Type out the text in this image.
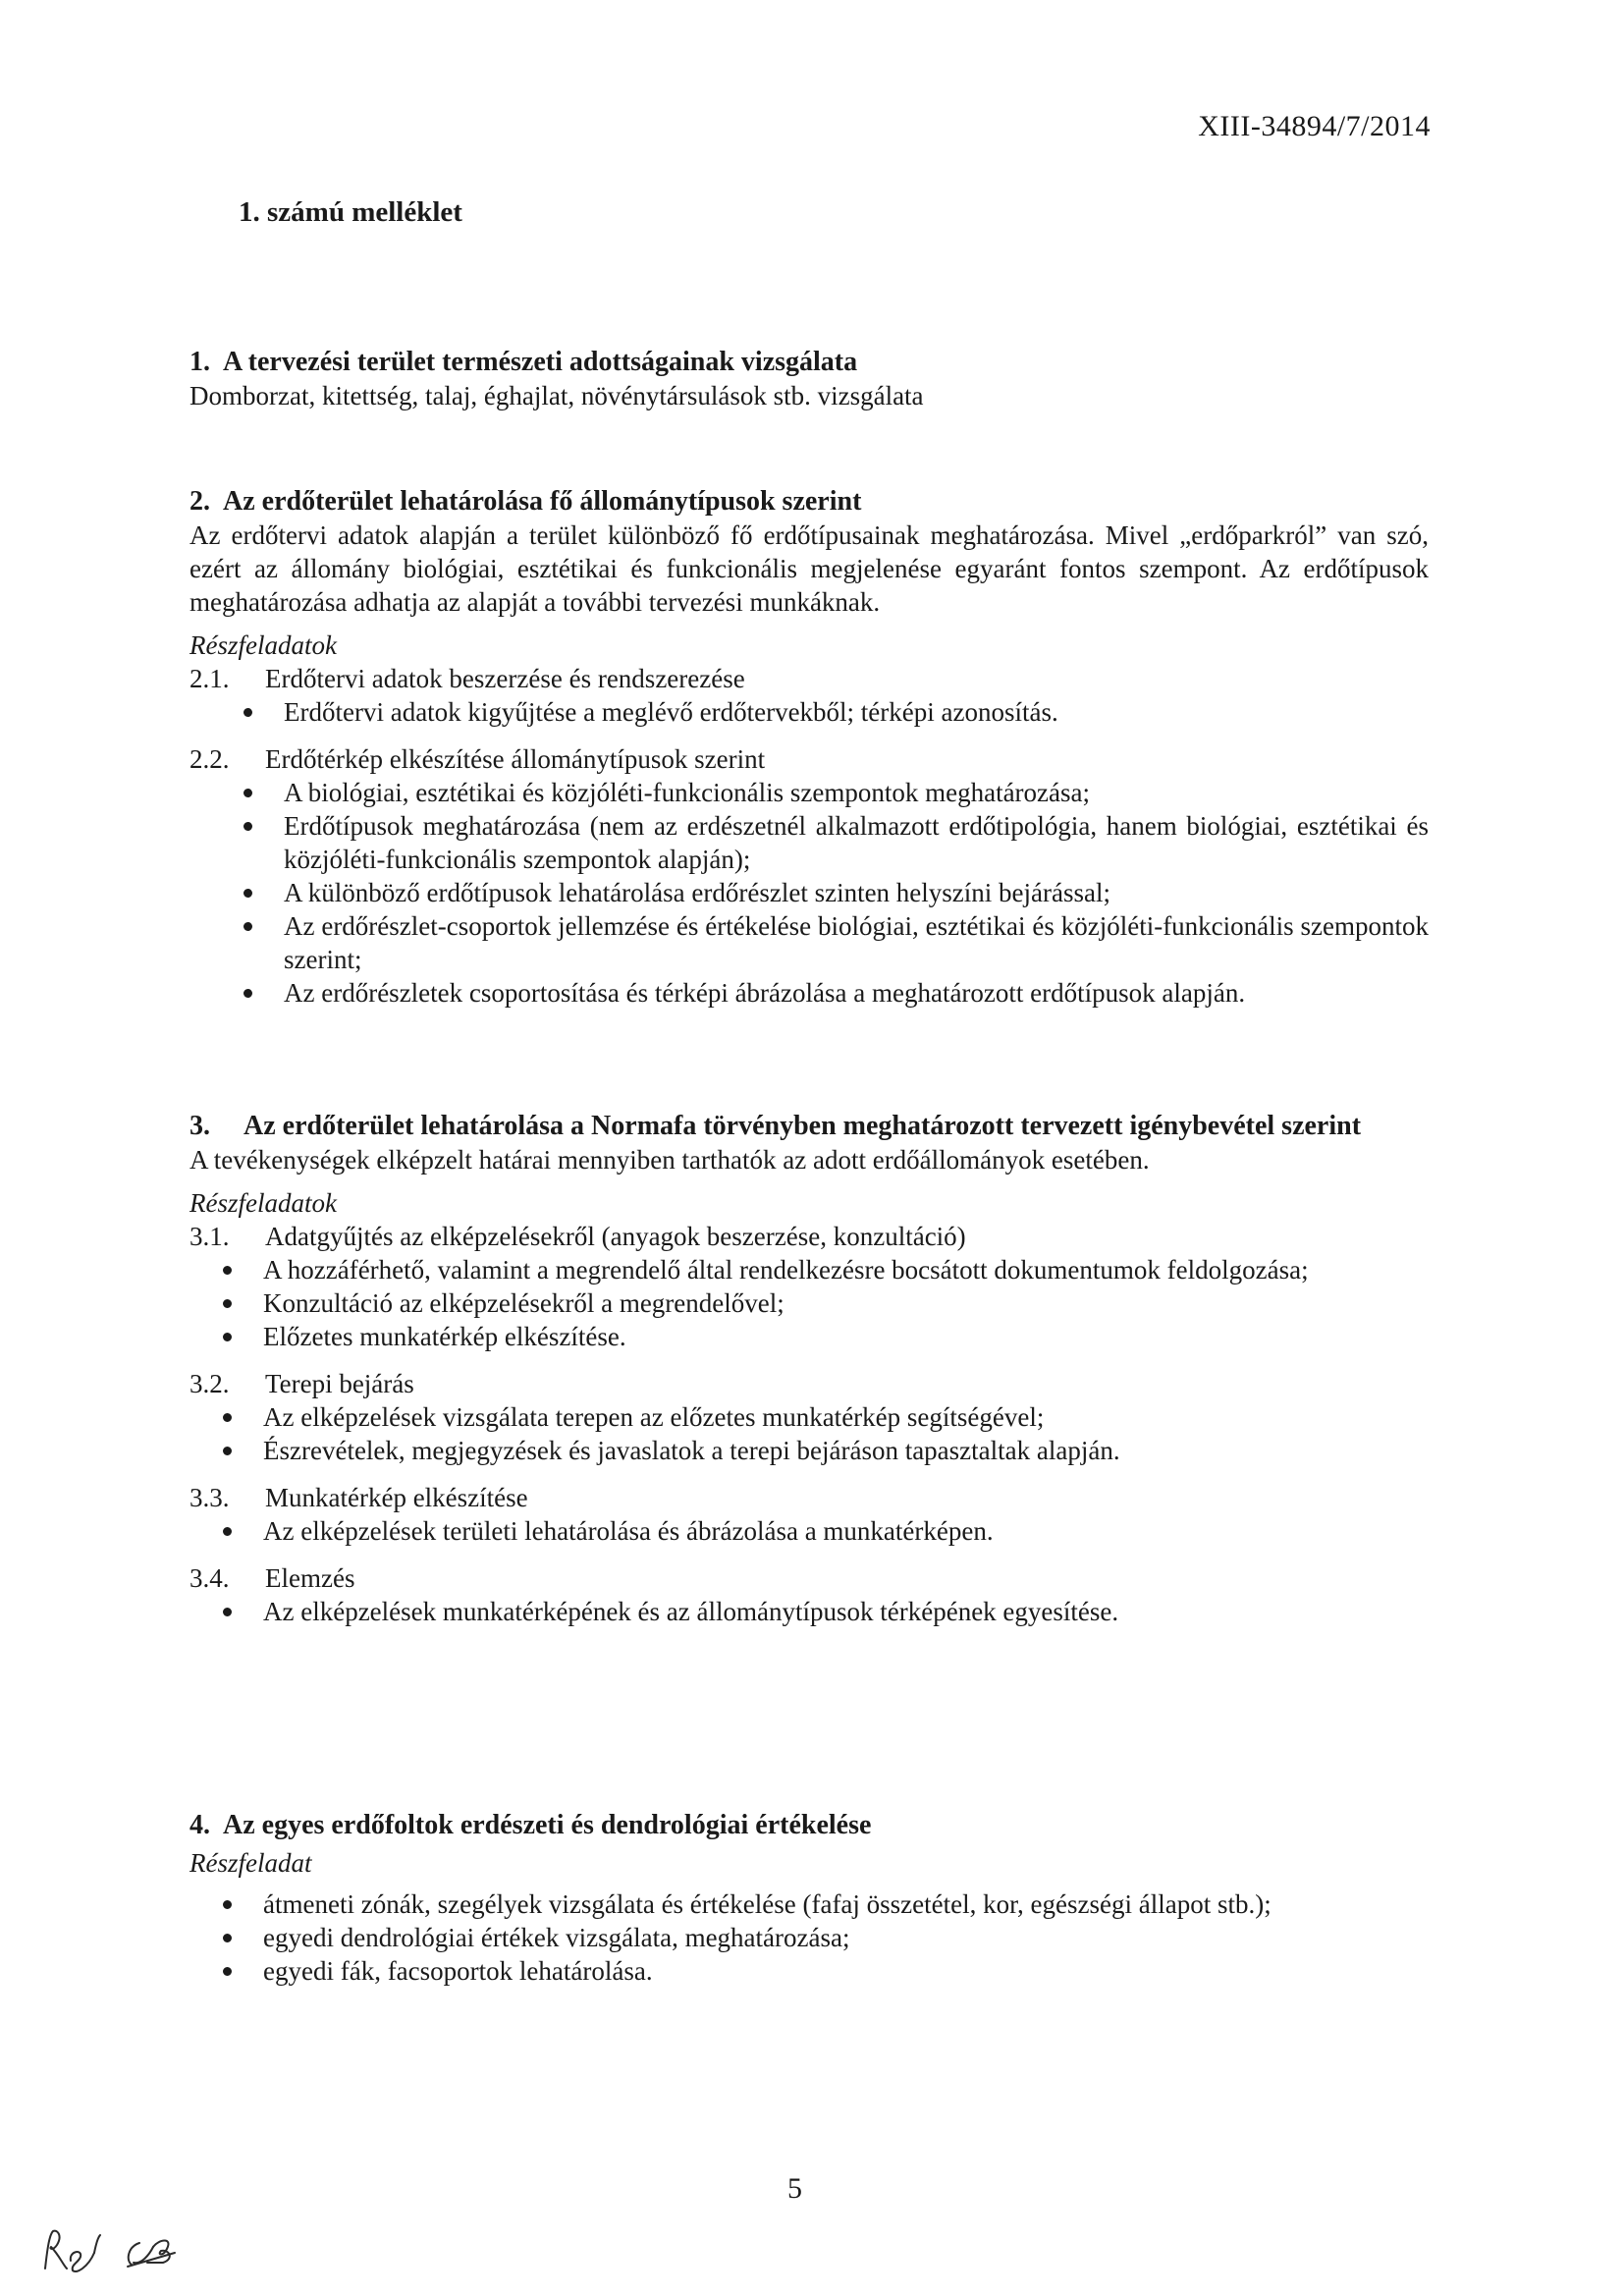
XIII-34894/7/2014
1. számú melléklet
1. A tervezési terület természeti adottságainak vizsgálata

Domborzat, kitettség, talaj, éghajlat, növénytársulások stb. vizsgálata

2. Az erdőterület lehatárolása fő állománytípusok szerint

Az erdőtervi adatok alapján a terület különböző fő erdőtípusainak meghatározása. Mivel „erdőparkról” van szó, ezért az állomány biológiai, esztétikai és funkcionális megjelenése egyaránt fontos szempont. Az erdőtípusok meghatározása adhatja az alapját a további tervezési munkáknak.

Részfeladatok
2.1.	Erdőtervi adatok beszerzése és rendszerezése
Erdőtervi adatok kigyűjtése a meglévő erdőtervekből; térképi azonosítás.
2.2.	Erdőtérkép elkészítése állománytípusok szerint
A biológiai, esztétikai és közjóléti-funkcionális szempontok meghatározása;
Erdőtípusok meghatározása (nem az erdészetnél alkalmazott erdőtipológia, hanem biológiai, esztétikai és közjóléti-funkcionális szempontok alapján);
A különböző erdőtípusok lehatárolása erdőrészlet szinten helyszíni bejárással;
Az erdőrészlet-csoportok jellemzése és értékelése biológiai, esztétikai és közjóléti-funkcionális szempontok szerint;
Az erdőrészletek csoportosítása és térképi ábrázolása a meghatározott erdőtípusok alapján.
3.	Az erdőterület lehatárolása a Normafa törvényben meghatározott tervezett igénybevétel szerint

A tevékenységek elképzelt határai mennyiben tarthatók az adott erdőállományok esetében.

Részfeladatok
3.1.	Adatgyűjtés az elképzelésekről (anyagok beszerzése, konzultáció)
A hozzáférhető, valamint a megrendelő által rendelkezésre bocsátott dokumentumok feldolgozása;
Konzultáció az elképzelésekről a megrendelővel;
Előzetes munkatérkép elkészítése.
3.2.	Terepi bejárás
Az elképzelések vizsgálata terepen az előzetes munkatérkép segítségével;
Észrevételek, megjegyzések és javaslatok a terepi bejáráson tapasztaltak alapján.
3.3.	Munkatérkép elkészítése
Az elképzelések területi lehatárolása és ábrázolása a munkatérképen.
3.4.	Elemzés
Az elképzelések munkatérképének és az állománytípusok térképének egyesítése.
4. Az egyes erdőfoltok erdészeti és dendrológiai értékelése
Részfeladat
átmeneti zónák, szegélyek vizsgálata és értékelése (fafaj összetétel, kor, egészségi állapot stb.);
egyedi dendrológiai értékek vizsgálata, meghatározása;
egyedi fák, facsoportok lehatárolása.
5
